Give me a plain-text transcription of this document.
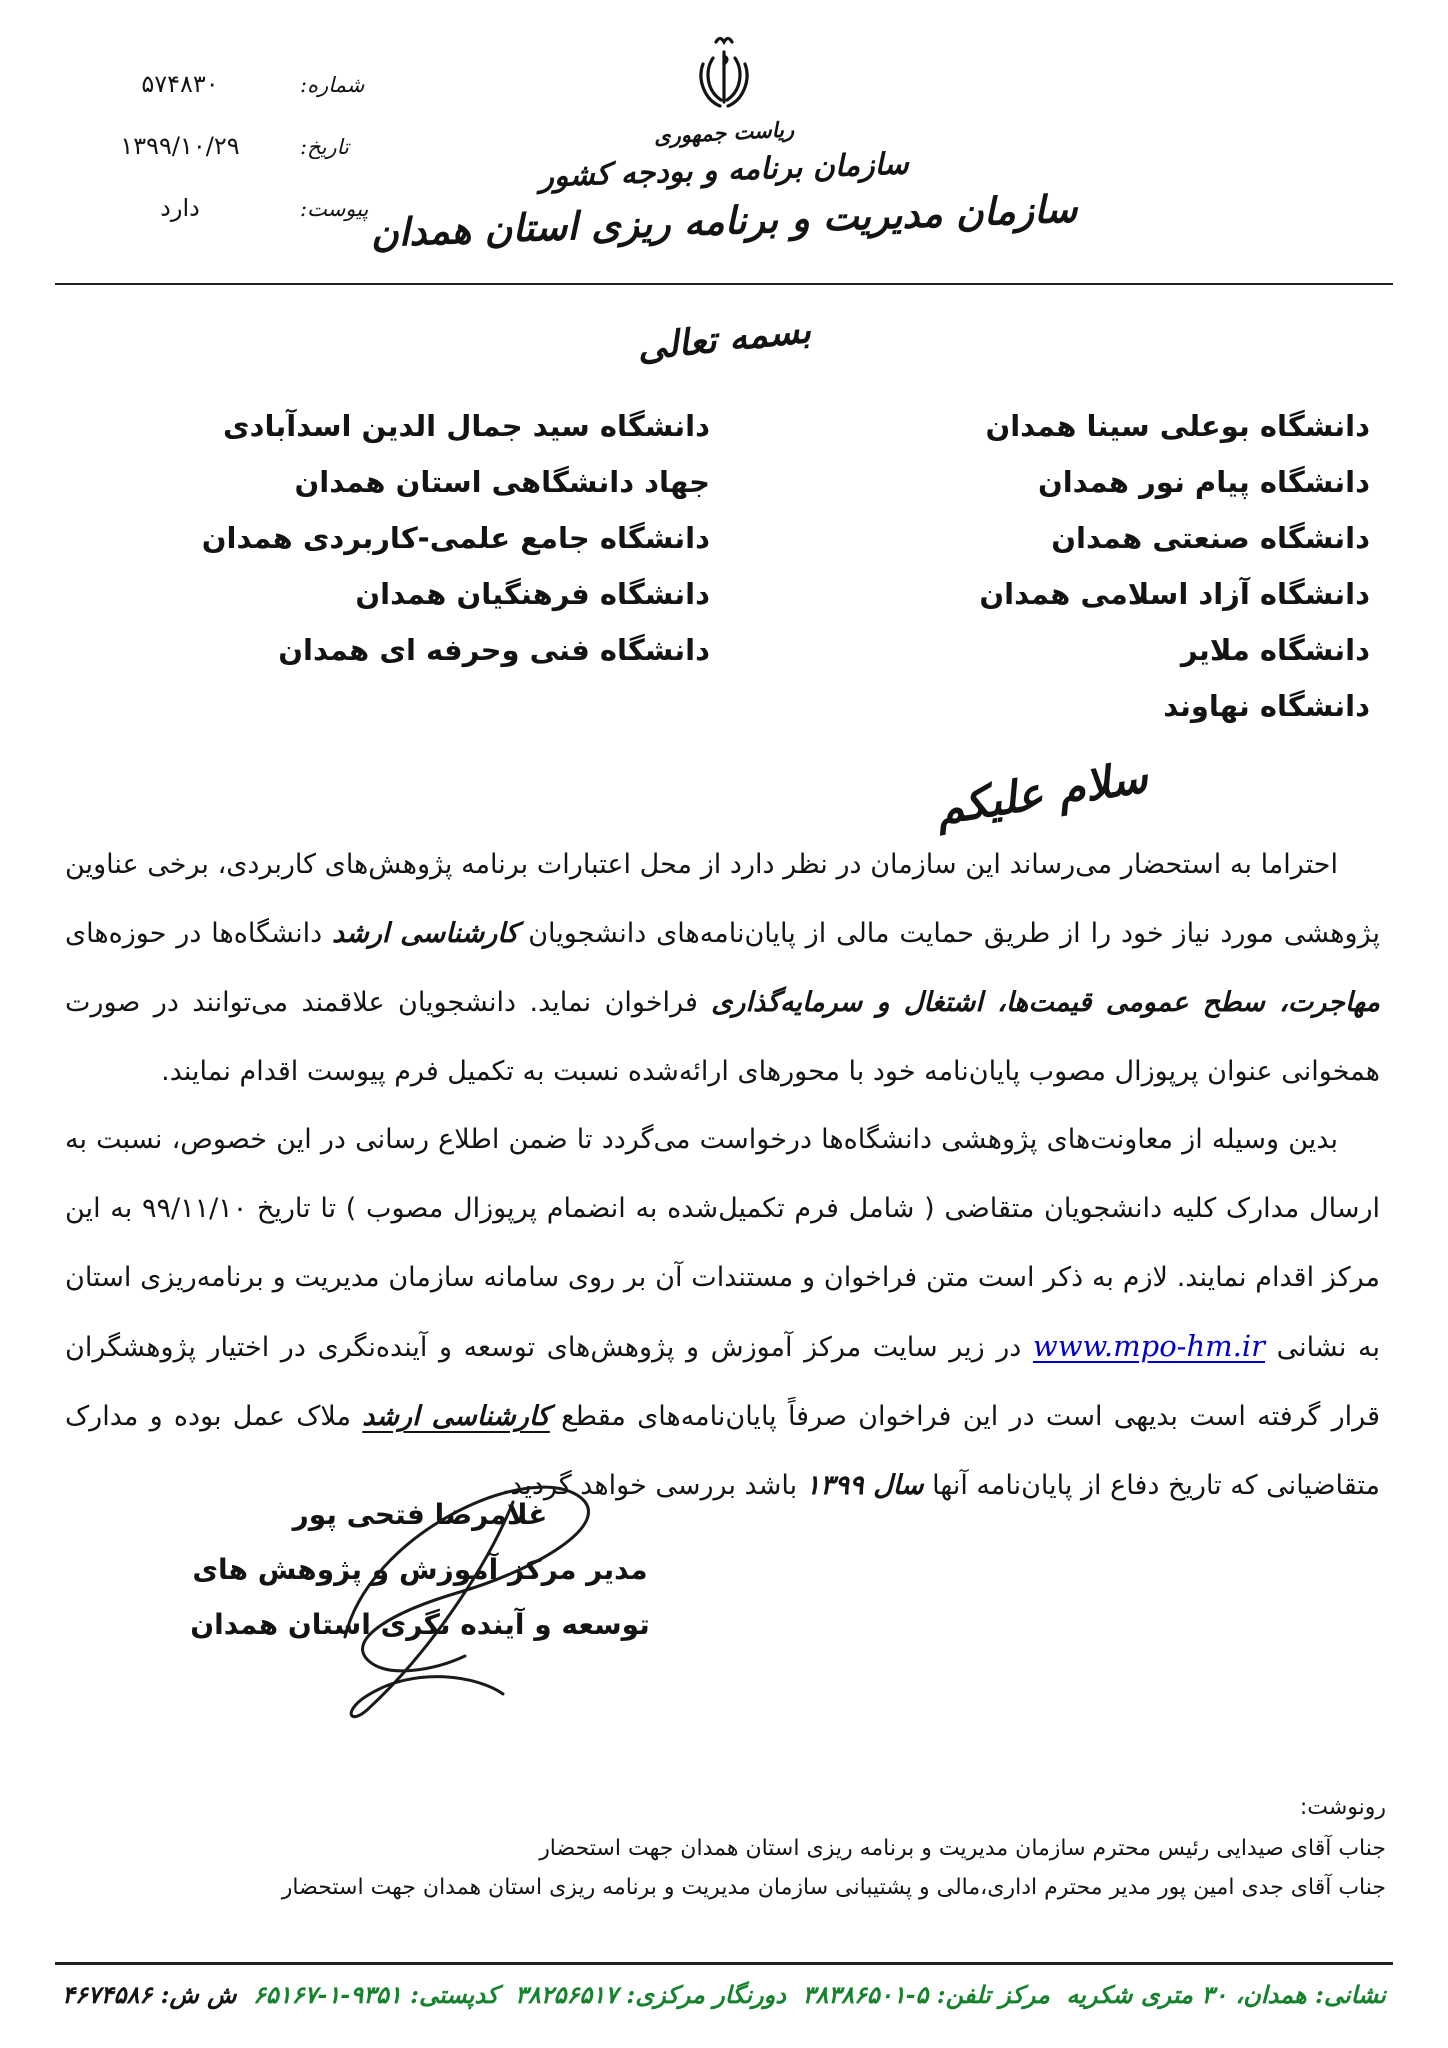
شماره:
۵۷۴۸۳۰
تاریخ:
۱۳۹۹/۱۰/۲۹
پیوست:
دارد
ریاست جمهوری
سازمان برنامه و بودجه کشور
سازمان مدیریت و برنامه ریزی استان همدان
بسمه تعالی
دانشگاه بوعلی سینا همدان
دانشگاه پیام نور همدان
دانشگاه صنعتی همدان
دانشگاه آزاد اسلامی همدان
دانشگاه ملایر
دانشگاه نهاوند
دانشگاه سید جمال الدین اسدآبادی
جهاد دانشگاهی استان همدان
دانشگاه جامع علمی-کاربردی همدان
دانشگاه فرهنگیان همدان
دانشگاه فنی وحرفه ای همدان
سلام علیکم
احتراما به استحضار می‌رساند این سازمان در نظر دارد از محل اعتبارات برنامه پژوهش‌های کاربردی، برخی عناوین پژوهشی مورد نیاز خود را از طریق حمایت مالی از پایان‌نامه‌های دانشجویان کارشناسی ارشد دانشگاه‌ها در حوزه‌های مهاجرت، سطح عمومی قیمت‌ها، اشتغال و سرمایه‌گذاری فراخوان نماید. دانشجویان علاقمند می‌توانند در صورت همخوانی عنوان پرپوزال مصوب پایان‌نامه خود با محورهای ارائه‌شده نسبت به تکمیل فرم پیوست اقدام نمایند.
بدین وسیله از معاونت‌های پژوهشی دانشگاه‌ها درخواست می‌گردد تا ضمن اطلاع رسانی در این خصوص، نسبت به ارسال مدارک کلیه دانشجویان متقاضی ( شامل فرم تکمیل‌شده به انضمام پرپوزال مصوب ) تا تاریخ ۹۹/۱۱/۱۰ به این مرکز اقدام نمایند. لازم به ذکر است متن فراخوان و مستندات آن بر روی سامانه سازمان مدیریت و برنامه‌ریزی استان به نشانی www.mpo-hm.ir در زیر سایت مرکز آموزش و پژوهش‌های توسعه و آینده‌نگری در اختیار پژوهشگران قرار گرفته است بدیهی است در این فراخوان صرفاً پایان‌نامه‌های مقطع کارشناسی ارشد ملاک عمل بوده و مدارک متقاضیانی که تاریخ دفاع از پایان‌نامه آنها سال ۱۳۹۹ باشد بررسی خواهد گردید.
غلامرضا فتحی پور
مدیر مرکز آموزش و پژوهش های
توسعه و آینده نگری استان همدان
رونوشت:
جناب آقای صیدایی رئیس محترم سازمان مدیریت و برنامه ریزی استان همدان جهت استحضار
جناب آقای جدی امین پور مدیر محترم اداری،مالی و پشتیبانی سازمان مدیریت و برنامه ریزی استان همدان جهت استحضار
نشانی: همدان، ۳۰ متری شکریه
مرکز تلفن: ۳۸۳۸۶۵۰۱-۵
دورنگار مرکزی: ۳۸۲۵۶۵۱۷
کدپستی: ۶۵۱۶۷-۱-۹۳۵۱
ش ش: ۴۶۷۴۵۸۶
